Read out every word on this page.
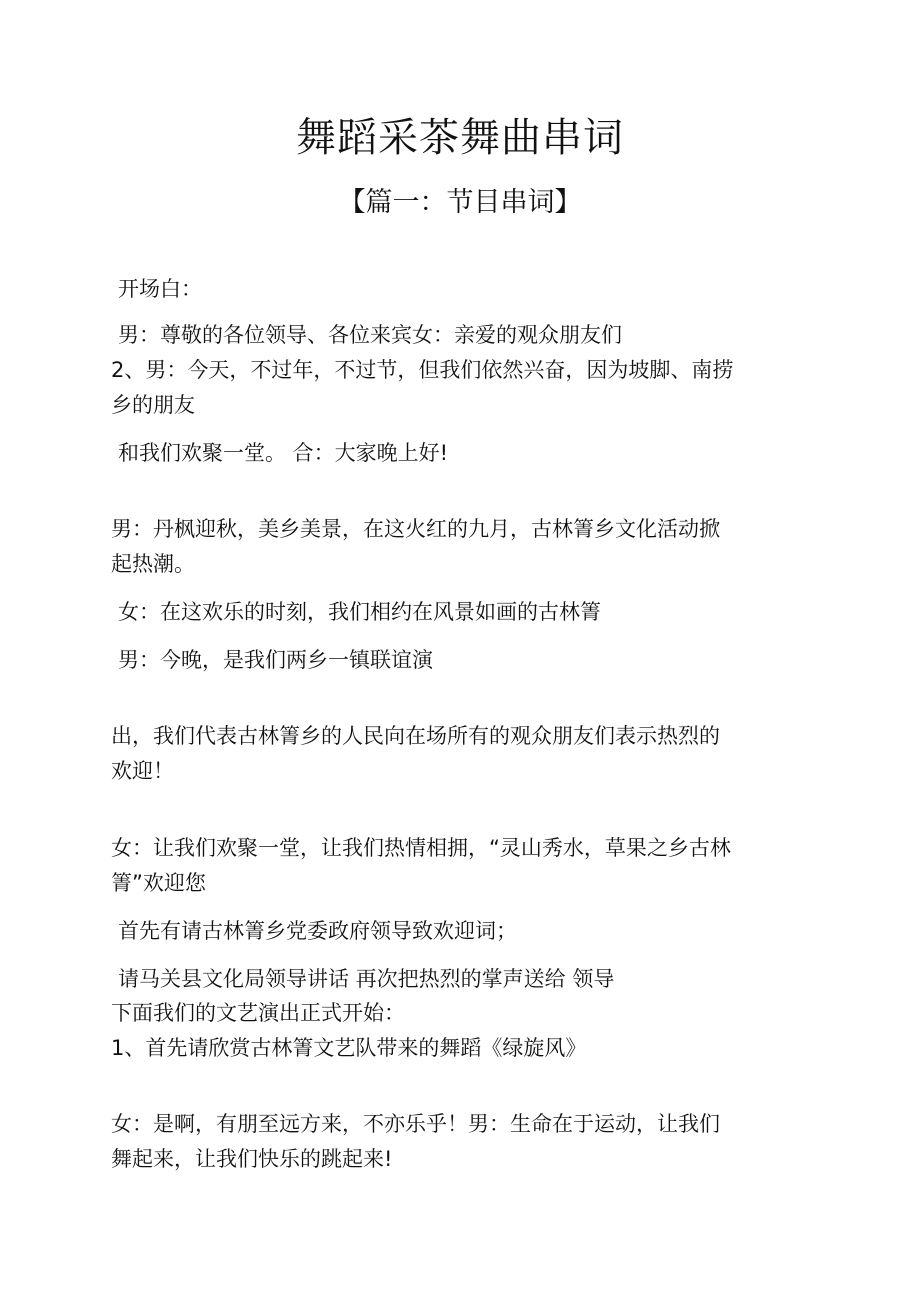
舞蹈采茶舞曲串词
【篇一：节目串词】
开场白：
男：尊敬的各位领导、各位来宾女：亲爱的观众朋友们
2、男：今天，不过年，不过节，但我们依然兴奋，因为坡脚、南捞
乡的朋友
和我们欢聚一堂。 合：大家晚上好!
男：丹枫迎秋，美乡美景，在这火红的九月，古林箐乡文化活动掀
起热潮。
女：在这欢乐的时刻，我们相约在风景如画的古林箐
男：今晚，是我们两乡一镇联谊演
出，我们代表古林箐乡的人民向在场所有的观众朋友们表示热烈的
欢迎！
女：让我们欢聚一堂，让我们热情相拥，“灵山秀水，草果之乡古林
箐”欢迎您
首先有请古林箐乡党委政府领导致欢迎词；
请马关县文化局领导讲话 再次把热烈的掌声送给 领导
下面我们的文艺演出正式开始：
1、首先请欣赏古林箐文艺队带来的舞蹈《绿旋风》
女：是啊，有朋至远方来，不亦乐乎！男：生命在于运动，让我们
舞起来，让我们快乐的跳起来!
